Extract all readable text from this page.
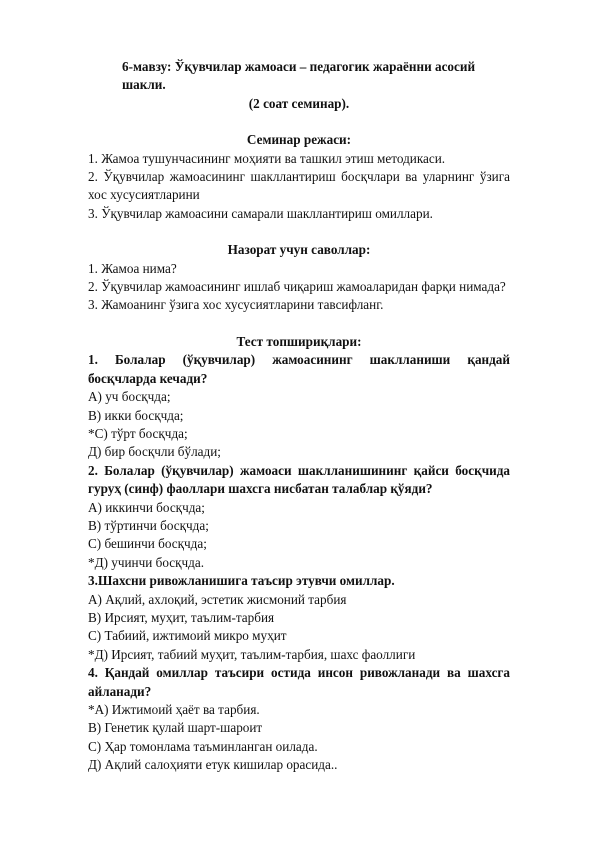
6-мавзу: Ўқувчилар жамоаси – педагогик жараённи асосий шакли.

(2 соат семинар).

Семинар режаси:

1. Жамоа тушунчасининг моҳияти ва ташкил этиш методикаси.

2. Ўқувчилар жамоасининг шакллантириш босқчлари ва уларнинг ўзига хос хусусиятларини

3. Ўқувчилар жамоасини самарали шакллантириш омиллари.

Назорат учун саволлар:

1. Жамоа нима?

2. Ўқувчилар жамоасининг ишлаб чиқариш жамоаларидан фарқи нимада?

3. Жамоанинг ўзига хос хусусиятларини тавсифланг.

Тест топшириқлари:

1. Болалар (ўқувчилар) жамоасининг шаклланиши қандай босқчларда кечади?

А) уч босқчда;

В) икки босқчда;

*С) тўрт босқчда;

Д) бир босқчли бўлади;

2. Болалар (ўқувчилар) жамоаси шаклланишининг қайси босқчида гуруҳ (синф) фаоллари шахсга нисбатан талаблар қўяди?

А) иккинчи босқчда;

В) тўртинчи босқчда;

С) бешинчи босқчда;

*Д) учинчи босқчда.

3.Шахсни ривожланишига таъсир этувчи омиллар.

А) Ақлий, ахлоқий, эстетик жисмоний тарбия

В) Ирсият, муҳит, таълим-тарбия

С) Табиий, ижтимоий микро муҳит

*Д) Ирсият, табиий муҳит, таълим-тарбия, шахс фаоллиги

4. Қандай омиллар таъсири остида инсон ривожланади ва шахсга айланади?

*А) Ижтимоий ҳаёт ва тарбия.

В) Генетик қулай шарт-шароит

С) Ҳар томонлама таъминланган оилада.

Д) Ақлий салоҳияти етук кишилар орасида..
